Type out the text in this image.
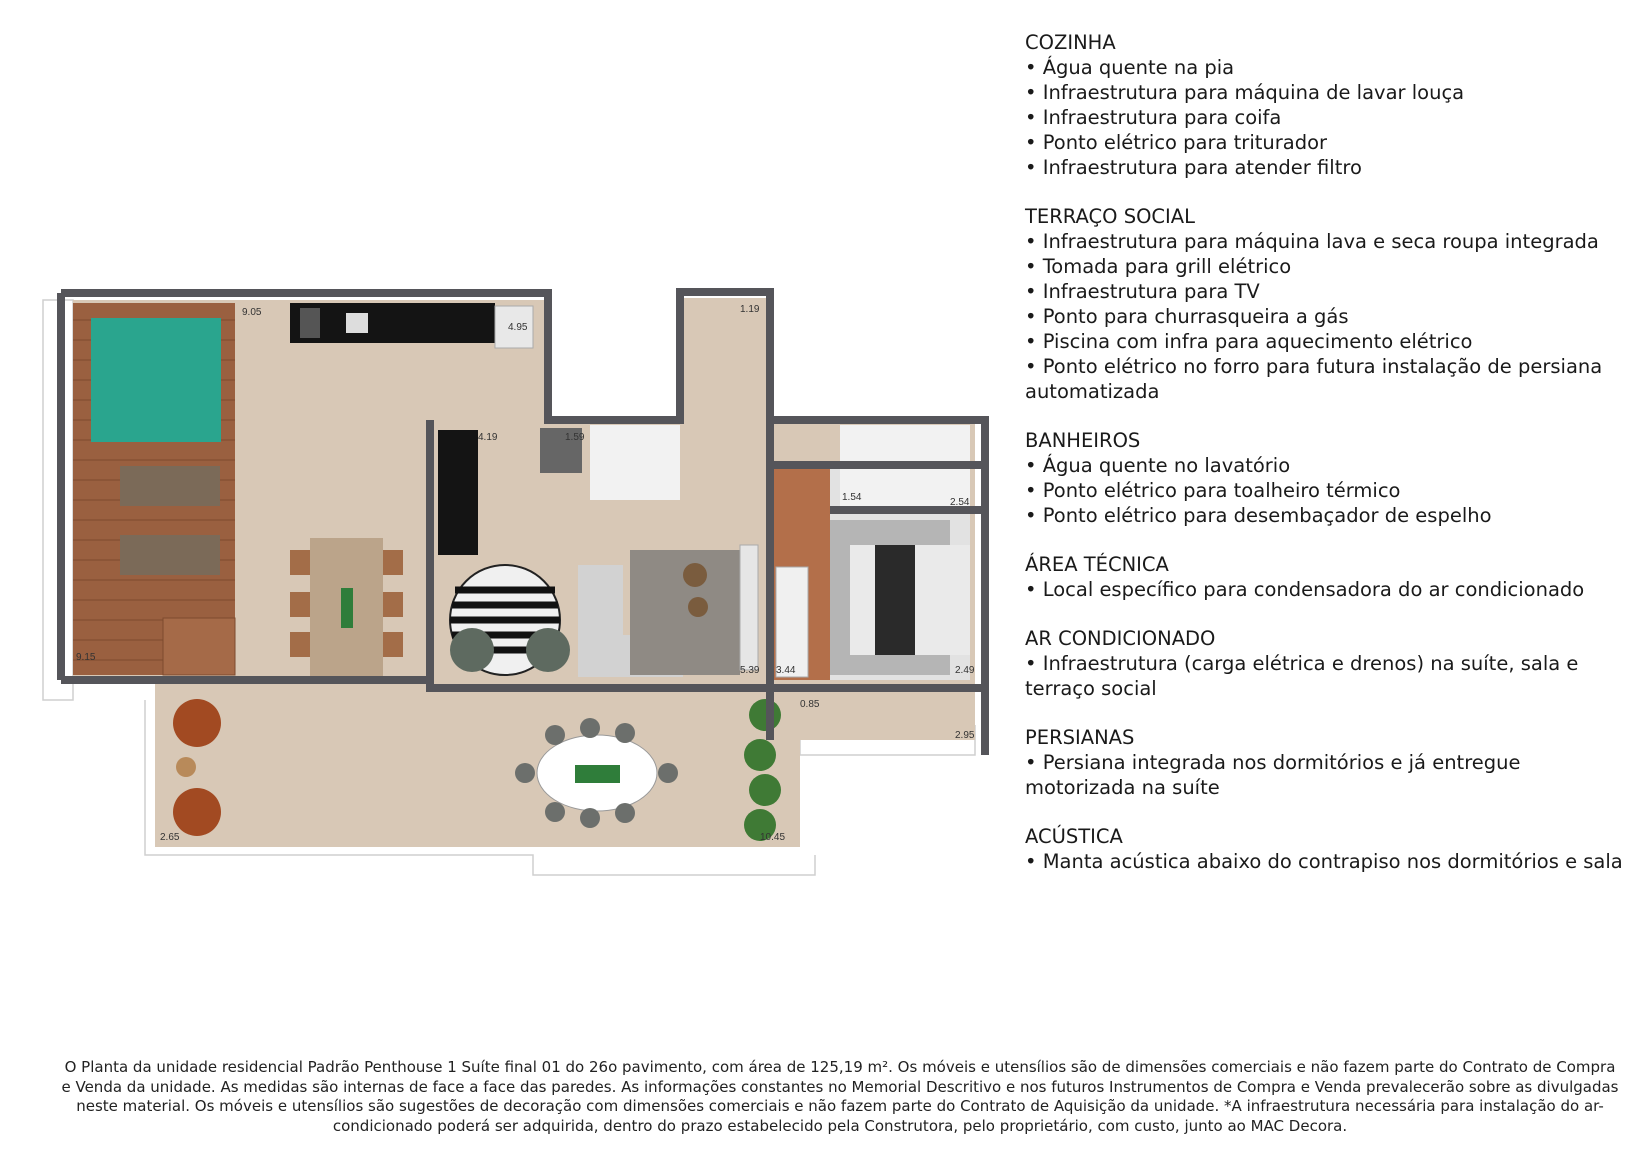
9.05
4.95
1.19
1.59
4.19
9.15
1.54	2.54
5.39 3.44	2.49
0.85
2.95
2.65	10.45
COZINHA
• Água quente na pia
• Infraestrutura para máquina de lavar louça
• Infraestrutura para coifa
• Ponto elétrico para triturador
• Infraestrutura para atender filtro
TERRAÇO SOCIAL
• Infraestrutura para máquina lava e seca roupa integrada
• Tomada para grill elétrico
• Infraestrutura para TV
• Ponto para churrasqueira a gás
• Piscina com infra para aquecimento elétrico
• Ponto elétrico no forro para futura instalação de persiana automatizada
BANHEIROS
• Água quente no lavatório
• Ponto elétrico para toalheiro térmico
• Ponto elétrico para desembaçador de espelho
ÁREA TÉCNICA
• Local específico para condensadora do ar condicionado
AR CONDICIONADO
• Infraestrutura (carga elétrica e drenos) na suíte, sala e terraço social
PERSIANAS
• Persiana integrada nos dormitórios e já entregue motorizada na suíte
ACÚSTICA
• Manta acústica abaixo do contrapiso nos dormitórios e sala
O Planta da unidade residencial Padrão Penthouse 1 Suíte final 01 do 26o pavimento, com área de 125,19 m². Os móveis e utensílios são de dimensões comerciais e não fazem parte do Contrato de Compra e Venda da unidade. As medidas são internas de face a face das paredes. As informações constantes no Memorial Descritivo e nos futuros Instrumentos de Compra e Venda prevalecerão sobre as divulgadas neste material. Os móveis e utensílios são sugestões de decoração com dimensões comerciais e não fazem parte do Contrato de Aquisição da unidade. *A infraestrutura necessária para instalação do ar-condicionado poderá ser adquirida, dentro do prazo estabelecido pela Construtora, pelo proprietário, com custo, junto ao MAC Decora.
